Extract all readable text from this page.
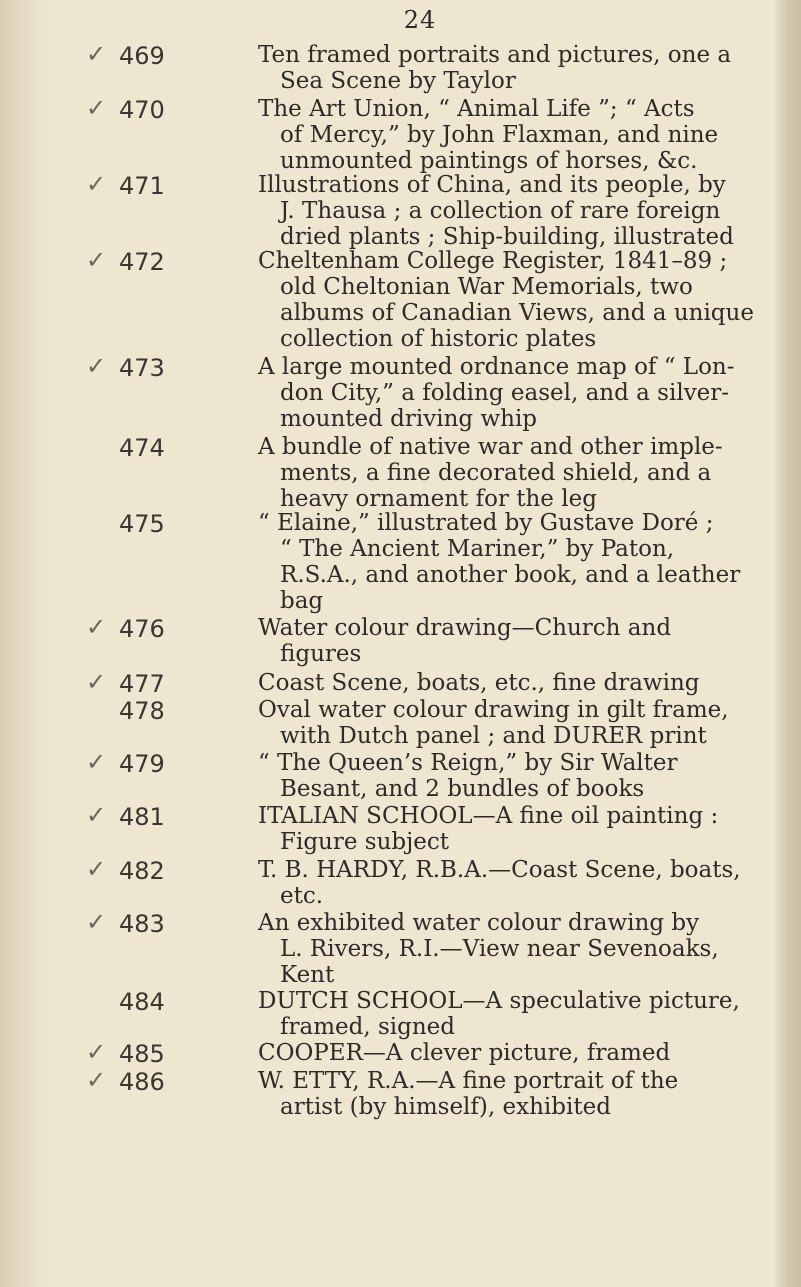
24
✓ 469	Ten framed portraits and pictures, one a
Sea Scene by Taylor
✓ 470	The Art Union, “ Animal Life ”; “ Acts
of Mercy,” by John Flaxman, and nine
unmounted paintings of horses, &c.
✓ 471	Illustrations of China, and its people, by
J. Thausa ; a collection of rare foreign
dried plants ; Ship-building, illustrated
✓ 472	Cheltenham College Register, 1841–89 ;
old Cheltonian War Memorials, two
albums of Canadian Views, and a unique
collection of historic plates
✓ 473	A large mounted ordnance map of “ Lon-
don City,” a folding easel, and a silver-
mounted driving whip
474	A bundle of native war and other imple-
ments, a fine decorated shield, and a
heavy ornament for the leg
475	“ Elaine,” illustrated by Gustave Doré ;
“ The Ancient Mariner,” by Paton,
R.S.A., and another book, and a leather
bag
✓ 476	Water colour drawing—Church and
figures
✓ 477	Coast Scene, boats, etc., fine drawing
478	Oval water colour drawing in gilt frame,
with Dutch panel ; and DURER print
✓ 479	“ The Queen’s Reign,” by Sir Walter
Besant, and 2 bundles of books
✓ 481	ITALIAN SCHOOL—A fine oil painting :
Figure subject
✓ 482	T. B. HARDY, R.B.A.—Coast Scene, boats,
etc.
✓ 483	An exhibited water colour drawing by
L. Rivers, R.I.—View near Sevenoaks,
Kent
484	DUTCH SCHOOL—A speculative picture,
framed, signed
✓ 485	COOPER—A clever picture, framed
✓ 486	W. ETTY, R.A.—A fine portrait of the
artist (by himself), exhibited
